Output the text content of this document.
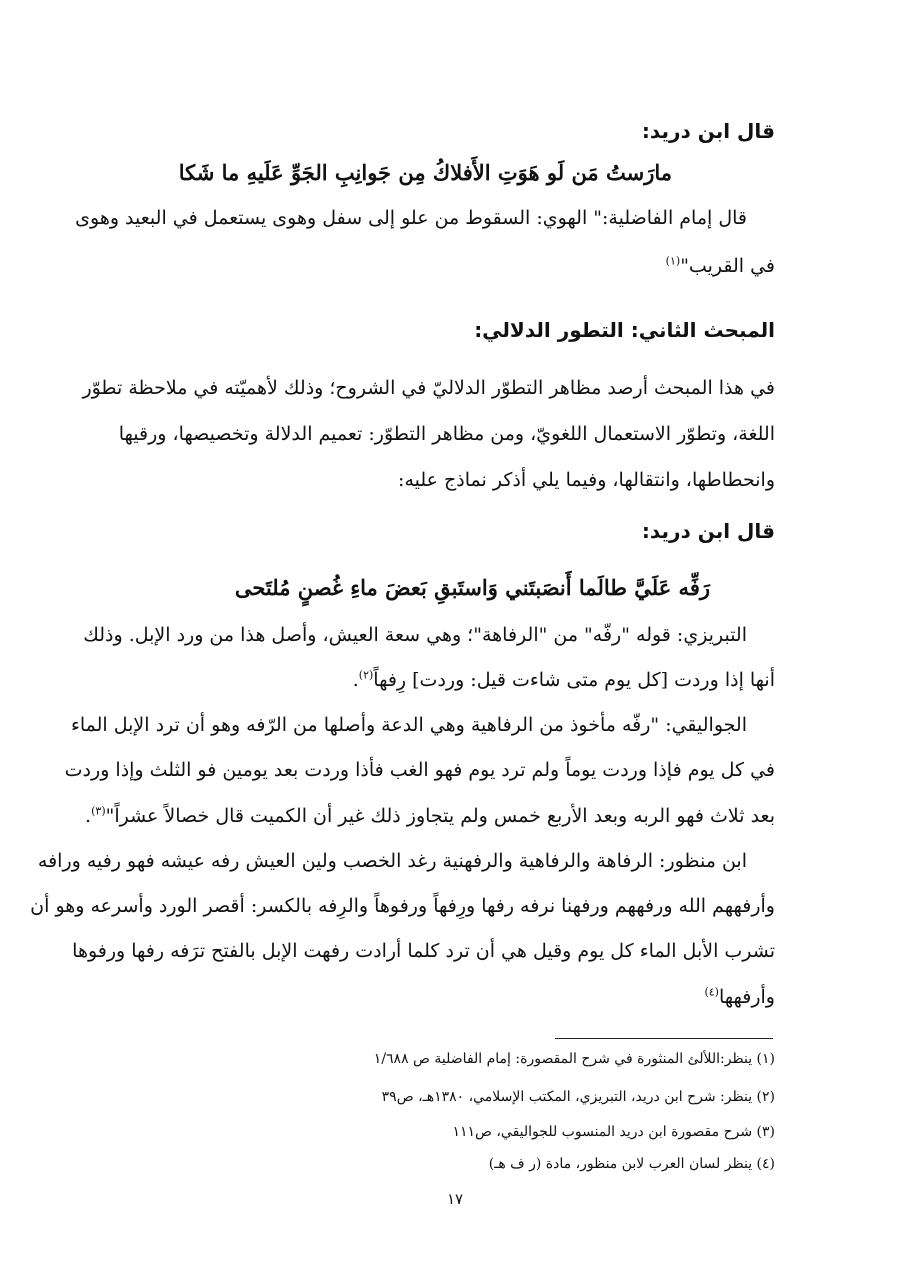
قال ابن دريد:
مارَستُ مَن لَو هَوَتِ الأَفلاكُ مِن جَوانِبِ الجَوِّ عَلَيهِ ما شَكا
قال إمام الفاضلية:" الهوي: السقوط من علو إلى سفل وهوى يستعمل في البعيد وهوى
في القريب"$^{(١)}$
المبحث الثاني: التطور الدلالي:
في هذا المبحث أرصد مظاهر التطوّر الدلاليّ في الشروح؛ وذلك لأهميّته في ملاحظة تطوّر
اللغة، وتطوّر الاستعمال اللغويّ، ومن مظاهر التطوّر: تعميم الدلالة وتخصيصها، ورقيها
وانحطاطها، وانتقالها، وفيما يلي أذكر نماذج عليه:
قال ابن دريد:
رَفِّه عَلَيَّ طالَما أَنصَبتَني وَاستَبقِ بَعضَ ماءِ غُصنٍ مُلتَحى
التبريزي: قوله "رفّه" من "الرفاهة"؛ وهي سعة العيش، وأصل هذا من ورد الإبل. وذلك
أنها إذا وردت [كل يوم متى شاءت قيل: وردت] رِفهاً$^{(٢)}$.
الجواليقي: "رفّه مأخوذ من الرفاهية وهي الدعة وأصلها من الرّفه وهو أن ترد الإبل الماء
في كل يوم فإذا وردت يوماً ولم ترد يوم فهو الغب فأذا وردت بعد يومين فو الثلث وإذا وردت
بعد ثلاث فهو الربه وبعد الأربع خمس ولم يتجاوز ذلك غير أن الكميت قال خصالاً عشراً"$^{(٣)}$.
ابن منظور: الرفاهة والرفاهية والرفهنية رغد الخصب ولين العيش رفه عيشه فهو رفيه ورافه
وأرفههم الله ورفههم ورفهنا نرفه رفها ورِفهاً ورفوهاً والرِفه بالكسر: أقصر الورد وأسرعه وهو أن
تشرب الأبل الماء كل يوم وقيل هي أن ترد كلما أرادت رفهت الإبل بالفتح ترَفه رفها ورفوها
وأرفهها$^{(٤)}$
(١) ينظر:اللألئ المنثورة في شرح المقصورة: إمام الفاضلية ص ١/٦٨٨
(٢) ينظر: شرح ابن دريد، التبريزي، المكتب الإسلامي، ١٣٨٠هـ، ص٣٩
(٣) شرح مقصورة ابن دريد المنسوب للجواليقي، ص١١١
(٤) ينظر لسان العرب لابن منظور، مادة (ر ف هـ)
١٧
